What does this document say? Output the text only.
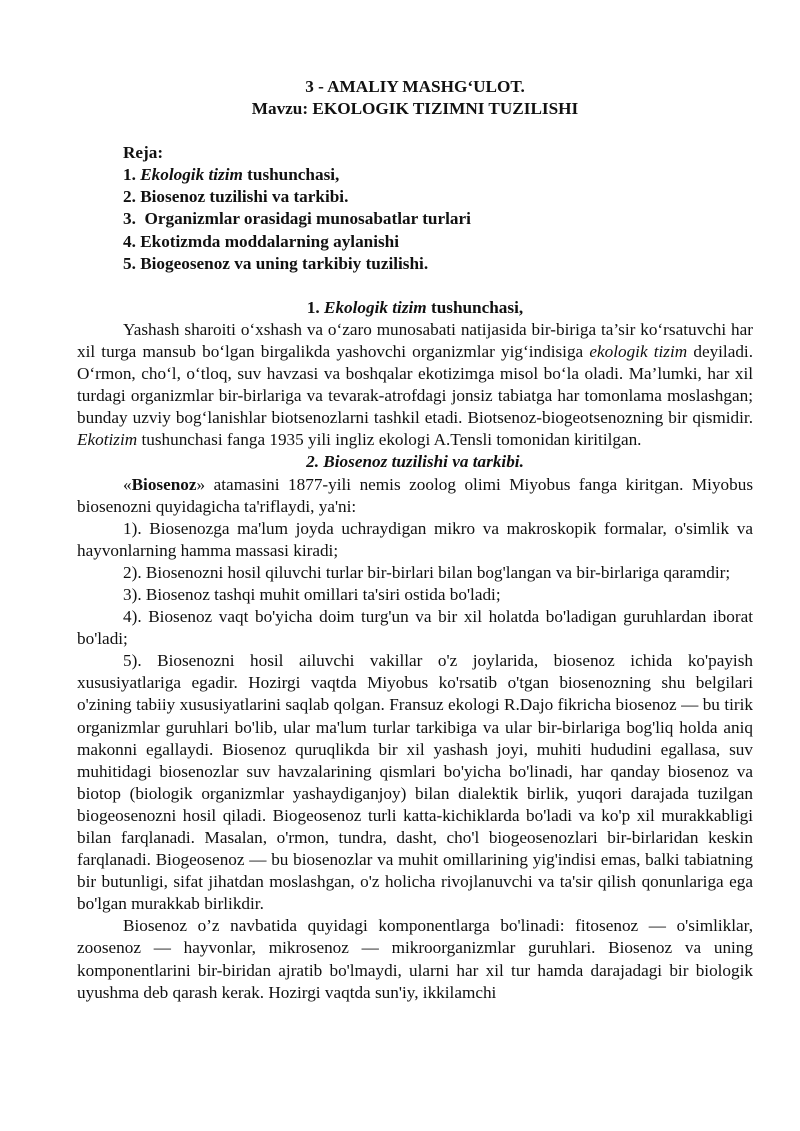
3 - AMALIY MASHG‘ULOT.
Mavzu: EKOLOGIK TIZIMNI TUZILISHI
Reja:
1. Ekologik tizim tushunchasi,
2. Biosenoz tuzilishi va tarkibi.
3.  Organizmlar orasidagi munosabatlar turlari
4. Ekotizmda moddalarning aylanishi
5. Biogeosenoz va uning tarkibiy tuzilishi.
1. Ekologik tizim tushunchasi,

Yashash sharoiti o‘xshash va o‘zaro munosabati natijasida bir-biriga ta’sir ko‘rsatuvchi har xil turga mansub bo‘lgan birgalikda yashovchi organizmlar yig‘indisiga ekologik tizim deyiladi. O‘rmon, cho‘l, o‘tloq, suv havzasi va boshqalar ekotizimga misol bo‘la oladi. Ma’lumki, har xil turdagi organizmlar bir-birlariga va tevarak-atrofdagi jonsiz tabiatga har tomonlama moslashgan; bunday uzviy bog‘lanishlar biotsenozlarni tashkil etadi. Biotsenoz-biogeotsenozning bir qismidir. Ekotizim tushunchasi fanga 1935 yili ingliz ekologi A.Tensli tomonidan kiritilgan.

2. Biosenoz tuzilishi va tarkibi.

«Biosenoz» atamasini 1877-yili nemis zoolog olimi Miyobus fanga kiritgan. Miyobus biosenozni quyidagicha ta'riflaydi, ya'ni:

1). Biosenozga ma'lum joyda uchraydigan mikro va makroskopik formalar, o'simlik va hayvonlarning hamma massasi kiradi;

2). Biosenozni hosil qiluvchi turlar bir-birlari bilan bog'langan va bir-birlariga qaramdir;

3). Biosenoz tashqi muhit omillari ta'siri ostida bo'ladi;

4). Biosenoz vaqt bo'yicha doim turg'un va bir xil holatda bo'ladigan guruhlardan iborat bo'ladi;

5). Biosenozni hosil ailuvchi vakillar o'z joylarida, biosenoz ichida ko'payish xususiyatlariga egadir. Hozirgi vaqtda Miyobus ko'rsatib o'tgan biosenozning shu belgilari o'zining tabiiy xususiyatlarini saqlab qolgan. Fransuz ekologi R.Dajo fikricha biosenoz — bu tirik organizmlar guruhlari bo'lib, ular ma'lum turlar tarkibiga va ular bir-birlariga bog'liq holda aniq makonni egallaydi. Biosenoz quruqlikda bir xil yashash joyi, muhiti hududini egallasa, suv muhitidagi biosenozlar suv havzalarining qismlari bo'yicha bo'linadi, har qanday biosenoz va biotop (biologik organizmlar yashaydiganjoy) bilan dialektik birlik, yuqori darajada tuzilgan biogeosenozni hosil qiladi. Biogeosenoz turli katta-kichiklarda bo'ladi va ko'p xil murakkabligi bilan farqlanadi. Masalan, o'rmon, tundra, dasht, cho'l biogeosenozlari bir-birlaridan keskin farqlanadi. Biogeosenoz — bu biosenozlar va muhit omillarining yig'indisi emas, balki tabiatning bir butunligi, sifat jihatdan moslashgan, o'z holicha rivojlanuvchi va ta'sir qilish qonunlariga ega bo'lgan murakkab birlikdir.

Biosenoz o’z navbatida quyidagi komponentlarga bo'linadi: fitosenoz — o'simliklar, zoosenoz — hayvonlar, mikrosenoz — mikroorganizmlar guruhlari. Biosenoz va uning komponentlarini bir-biridan ajratib bo'lmaydi, ularni har xil tur hamda darajadagi bir biologik uyushma deb qarash kerak. Hozirgi vaqtda sun'iy, ikkilamchi
